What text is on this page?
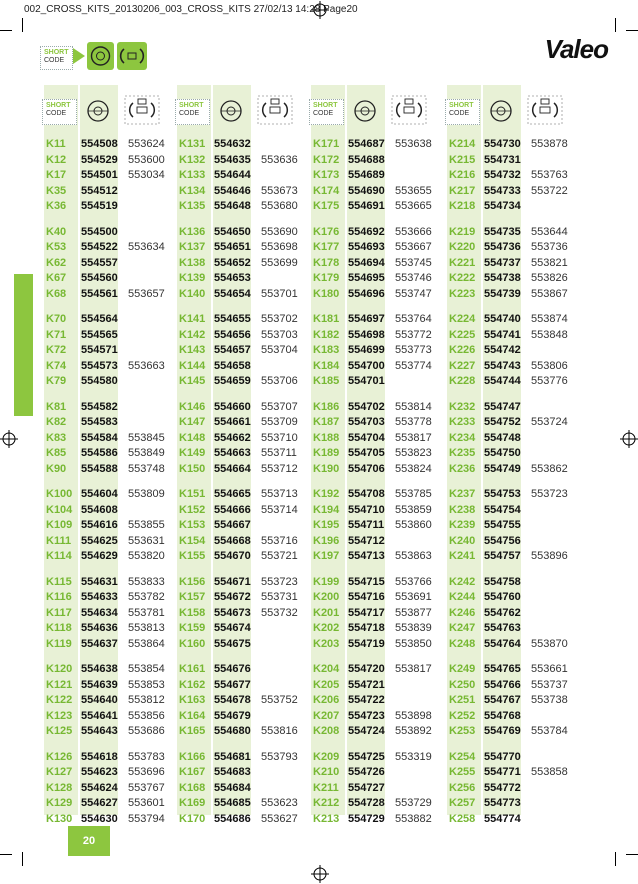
002_CROSS_KITS_20130206_003_CROSS_KITS 27/02/13 14:28 Page20
SHORT
CODE	Valeo
SHORT
CODE
K11 554508 553624
K12 554529 553600
K17 554501 553034
K35 554512
K36 554519
K40 554500
K53 554522 553634
K62 554557
K67 554560
K68 554561 553657
K70 554564
K71 554565
K72 554571
K74 554573 553663
K79 554580
K81 554582
K82 554583
K83 554584 553845
K85 554586 553849
K90 554588 553748
K100 554604 553809
K104 554608
K109 554616 553855
K111 554625 553631
K114 554629 553820
K115 554631 553833
K116 554633 553782
K117 554634 553781
K118 554636 553813
K119 554637 553864
K120 554638 553854
K121 554639 553853
K122 554640 553812
K123 554641 553856
K125 554643 553686
K126 554618 553783
K127 554623 553696
K128 554624 553767
K129 554627 553601
K130 554630 553794
SHORT
CODE
K131 554632
K132 554635 553636
K133 554644
K134 554646 553673
K135 554648 553680
K136 554650 553690
K137 554651 553698
K138 554652 553699
K139 554653
K140 554654 553701
K141 554655 553702
K142 554656 553703
K143 554657 553704
K144 554658
K145 554659 553706
K146 554660 553707
K147 554661 553709
K148 554662 553710
K149 554663 553711
K150 554664 553712
K151 554665 553713
K152 554666 553714
K153 554667
K154 554668 553716
K155 554670 553721
K156 554671 553723
K157 554672 553731
K158 554673 553732
K159 554674
K160 554675
K161 554676
K162 554677
K163 554678 553752
K164 554679
K165 554680 553816
K166 554681 553793
K167 554683
K168 554684
K169 554685 553623
K170 554686 553627
SHORT
CODE
K171 554687 553638
K172 554688
K173 554689
K174 554690 553655
K175 554691 553665
K176 554692 553666
K177 554693 553667
K178 554694 553745
K179 554695 553746
K180 554696 553747
K181 554697 553764
K182 554698 553772
K183 554699 553773
K184 554700 553774
K185 554701
K186 554702 553814
K187 554703 553778
K188 554704 553817
K189 554705 553823
K190 554706 553824
K192 554708 553785
K194 554710 553859
K195 554711 553860
K196 554712
K197 554713 553863
K199 554715 553766
K200 554716 553691
K201 554717 553877
K202 554718 553839
K203 554719 553850
K204 554720 553817
K205 554721
K206 554722
K207 554723 553898
K208 554724 553892
K209 554725 553319
K210 554726
K211 554727
K212 554728 553729
K213 554729 553882
SHORT
CODE
K214 554730 553878
K215 554731
K216 554732 553763
K217 554733 553722
K218 554734
K219 554735 553644
K220 554736 553736
K221 554737 553821
K222 554738 553826
K223 554739 553867
K224 554740 553874
K225 554741 553848
K226 554742
K227 554743 553806
K228 554744 553776
K232 554747
K233 554752 553724
K234 554748
K235 554750
K236 554749 553862
K237 554753 553723
K238 554754
K239 554755
K240 554756
K241 554757 553896
K242 554758
K244 554760
K246 554762
K247 554763
K248 554764 553870
K249 554765 553661
K250 554766 553737
K251 554767 553738
K252 554768
K253 554769 553784
K254 554770
K255 554771 553858
K256 554772
K257 554773
K258 554774
20
